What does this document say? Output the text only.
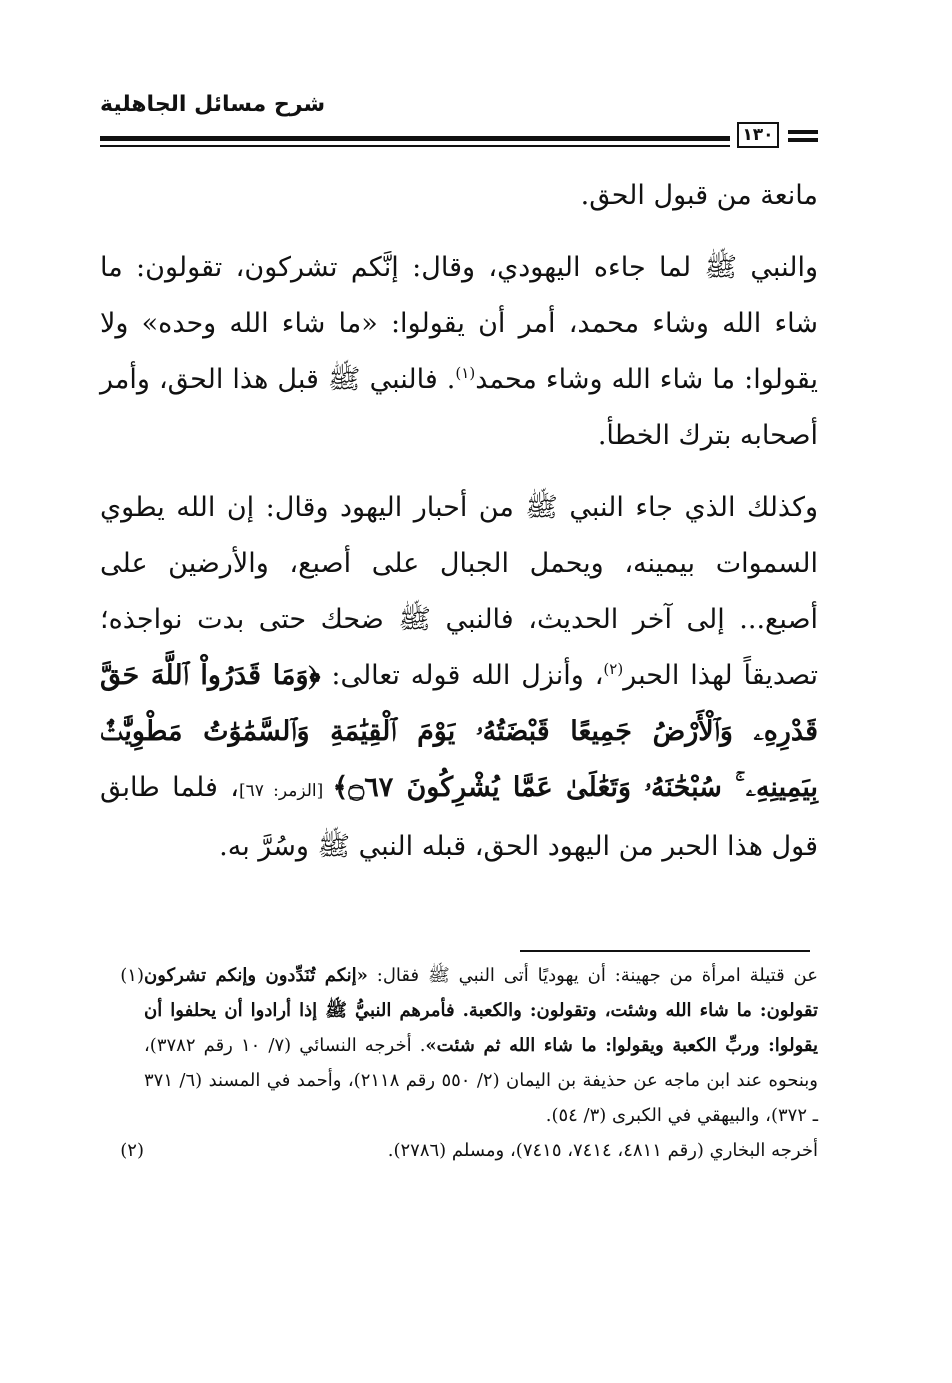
شرح مسائل الجاهلية
١٣٠

مانعة من قبول الحق.

والنبي ﷺ لما جاءه اليهودي، وقال: إنَّكم تشركون، تقولون: ما شاء الله وشاء محمد، أمر أن يقولوا: «ما شاء الله وحده» ولا يقولوا: ما شاء الله وشاء محمد$^{(١)}$. فالنبي ﷺ قبل هذا الحق، وأمر أصحابه بترك الخطأ.

وكذلك الذي جاء النبي ﷺ من أحبار اليهود وقال: إن الله يطوي السموات بيمينه، ويحمل الجبال على أصبع، والأرضين على أصبع... إلى آخر الحديث، فالنبي ﷺ ضحك حتى بدت نواجذه؛ تصديقاً لهذا الحبر$^{(٢)}$، وأنزل الله قوله تعالى: ﴿وَمَا قَدَرُواْ ٱللَّهَ حَقَّ قَدْرِهِۦ وَٱلْأَرْضُ جَمِيعًا قَبْضَتُهُۥ يَوْمَ ٱلْقِيَٰمَةِ وَٱلسَّمَٰوَٰتُ مَطْوِيَّٰتٌۢ بِيَمِينِهِۦ ۚ سُبْحَٰنَهُۥ وَتَعَٰلَىٰ عَمَّا يُشْرِكُونَ ۝٦٧﴾ [الزمر: ٦٧]، فلما طابق قول هذا الحبر من اليهود الحق، قبله النبي ﷺ وسُرَّ به.

(١)	عن قتيلة امرأة من جهينة: أن يهوديًا أتى النبي ﷺ فقال: «إنكم تُنَدِّدون وإنكم تشركون تقولون: ما شاء الله وشئت، وتقولون: والكعبة. فأمرهم النبيُّ ﷺ إذا أرادوا أن يحلفوا أن يقولوا: وربِّ الكعبة ويقولوا: ما شاء الله ثم شئت». أخرجه النسائي (٧/ ١٠ رقم ٣٧٨٢)، وبنحوه عند ابن ماجه عن حذيفة بن اليمان (٢/ ٥٥٠ رقم ٢١١٨)، وأحمد في المسند (٦/ ٣٧١ ـ ٣٧٢)، والبيهقي في الكبرى (٣/ ٥٤).
(٢)	أخرجه البخاري (رقم ٤٨١١، ٧٤١٤، ٧٤١٥)، ومسلم (٢٧٨٦).
